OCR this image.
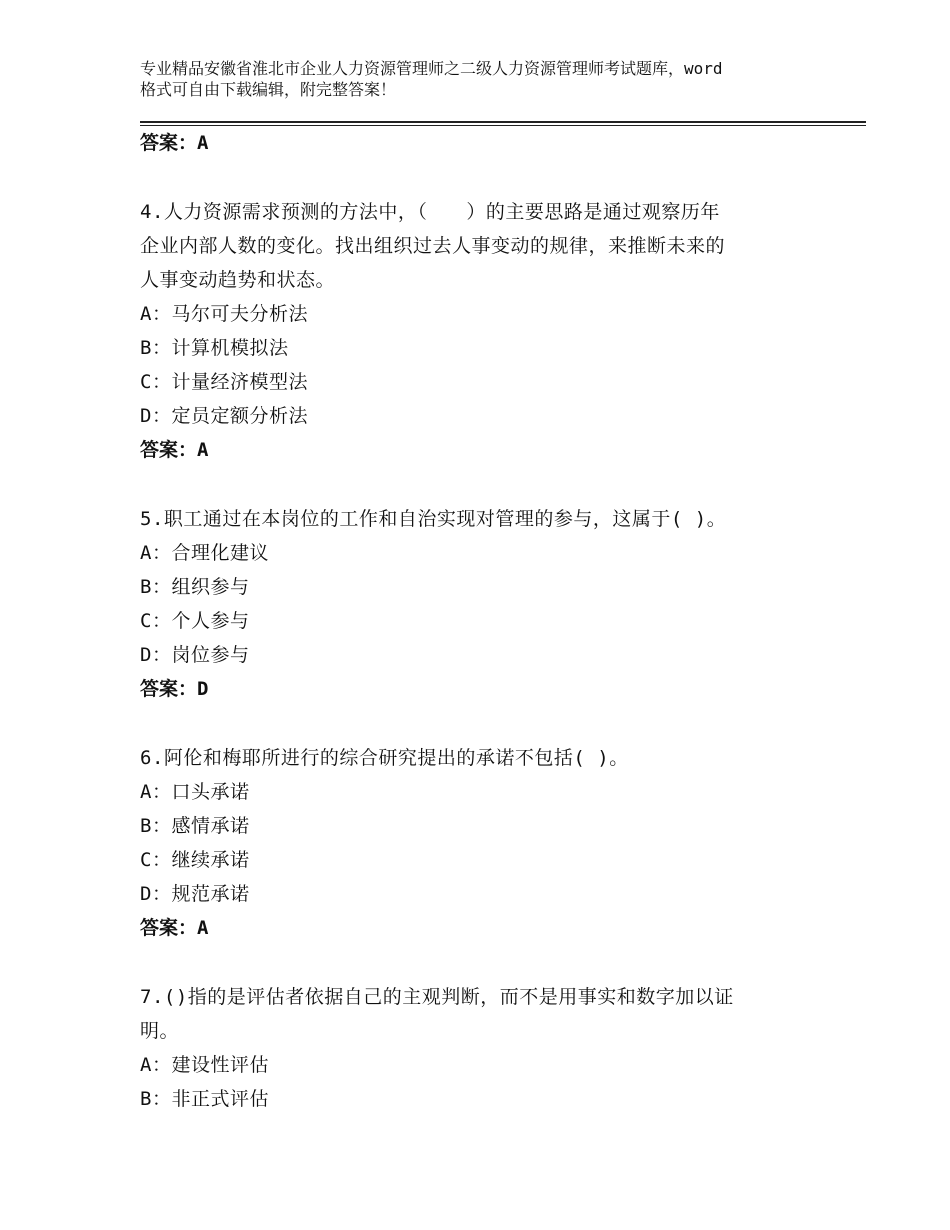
专业精品安徽省淮北市企业人力资源管理师之二级人力资源管理师考试题库，word
格式可自由下载编辑，附完整答案！
答案：A
4.人力资源需求预测的方法中，（　　）的主要思路是通过观察历年
企业内部人数的变化。找出组织过去人事变动的规律，来推断未来的
人事变动趋势和状态。
A：马尔可夫分析法
B：计算机模拟法
C：计量经济模型法
D：定员定额分析法
答案：A
5.职工通过在本岗位的工作和自治实现对管理的参与，这属于( )。
A：合理化建议
B：组织参与
C：个人参与
D：岗位参与
答案：D
6.阿伦和梅耶所进行的综合研究提出的承诺不包括( )。
A：口头承诺
B：感情承诺
C：继续承诺
D：规范承诺
答案：A
7.()指的是评估者依据自己的主观判断，而不是用事实和数字加以证
明。
A：建设性评估
B：非正式评估
